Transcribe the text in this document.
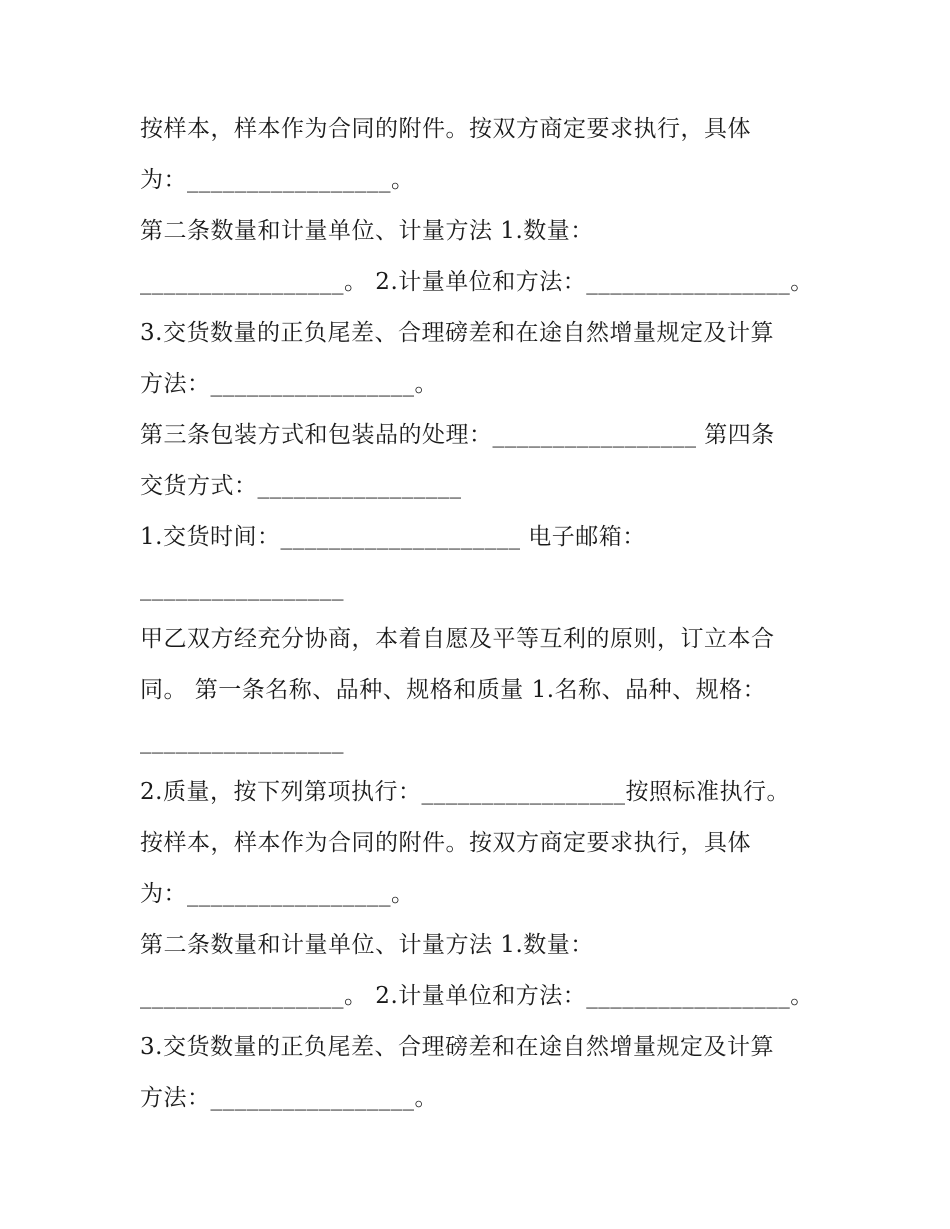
按样本，样本作为合同的附件。按双方商定要求执行，具体
为：_________________。
第二条数量和计量单位、计量方法 1.数量：
_________________。 2.计量单位和方法：_________________。
3.交货数量的正负尾差、合理磅差和在途自然增量规定及计算
方法：_________________。
第三条包装方式和包装品的处理：_________________ 第四条
交货方式：_________________
1.交货时间：____________________ 电子邮箱：
_________________
甲乙双方经充分协商，本着自愿及平等互利的原则，订立本合
同。 第一条名称、品种、规格和质量 1.名称、品种、规格：
_________________
2.质量，按下列第项执行：_________________按照标准执行。
按样本，样本作为合同的附件。按双方商定要求执行，具体
为：_________________。
第二条数量和计量单位、计量方法 1.数量：
_________________。 2.计量单位和方法：_________________。
3.交货数量的正负尾差、合理磅差和在途自然增量规定及计算
方法：_________________。
